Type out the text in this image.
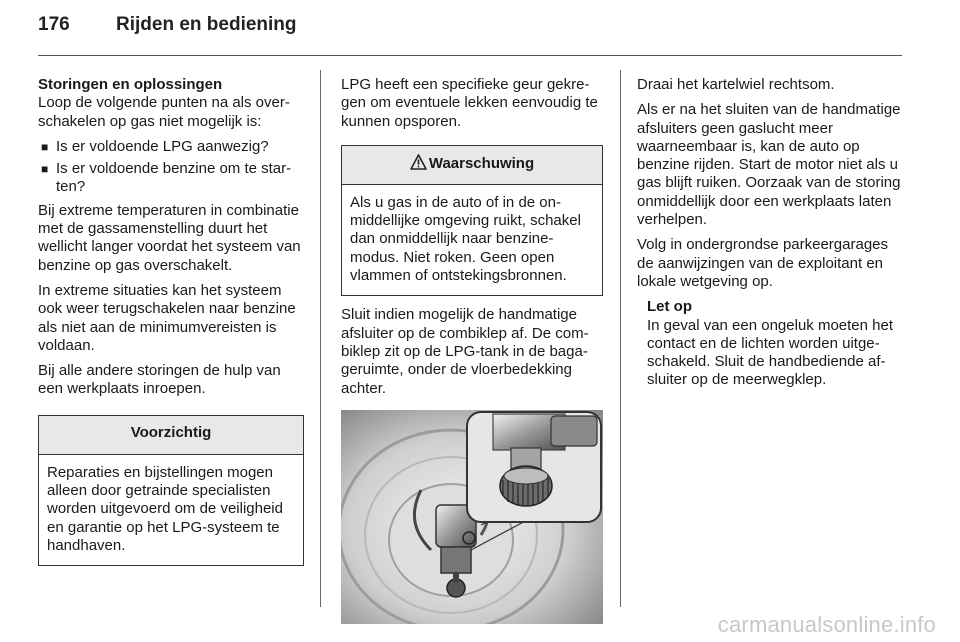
176 Rijden en bediening
Storingen en oplossingen

Loop de volgende punten na als overschakelen op gas niet mogelijk is:

■ Is er voldoende LPG aanwezig?
■ Is er voldoende benzine om te starten?

Bij extreme temperaturen in combinatie met de gassamenstelling duurt het wellicht langer voordat het systeem van benzine op gas overschakelt.

In extreme situaties kan het systeem ook weer terugschakelen naar benzine als niet aan de minimumvereisten is voldaan.

Bij alle andere storingen de hulp van een werkplaats inroepen.

Voorzichtig
Reparaties en bijstellingen mogen alleen door getrainde specialisten worden uitgevoerd om de veiligheid en garantie op het LPG-systeem te handhaven.

LPG heeft een specifieke geur gekregen om eventuele lekken eenvoudig te kunnen opsporen.

Waarschuwing
Als u gas in de auto of in de onmiddellijke omgeving ruikt, schakel dan onmiddellijk naar benzinemodus. Niet roken. Geen open vlammen of ontstekingsbronnen.

Sluit indien mogelijk de handmatige afsluiter op de combiklep af. De combiklep zit op de LPG-tank in de bagageruimte, onder de vloerbedekking achter.

Draai het kartelwiel rechtsom.

Als er na het sluiten van de handmatige afsluiters geen gaslucht meer waarneembaar is, kan de auto op benzine rijden. Start de motor niet als u gas blijft ruiken. Oorzaak van de storing onmiddellijk door een werkplaats laten verhelpen.

Volg in ondergrondse parkeergarages de aanwijzingen van de exploitant en lokale wetgeving op.

Let op
In geval van een ongeluk moeten het contact en de lichten worden uitgeschakeld. Sluit de handbediende afsluiter op de meerwegklep.
carmanualsonline.info
